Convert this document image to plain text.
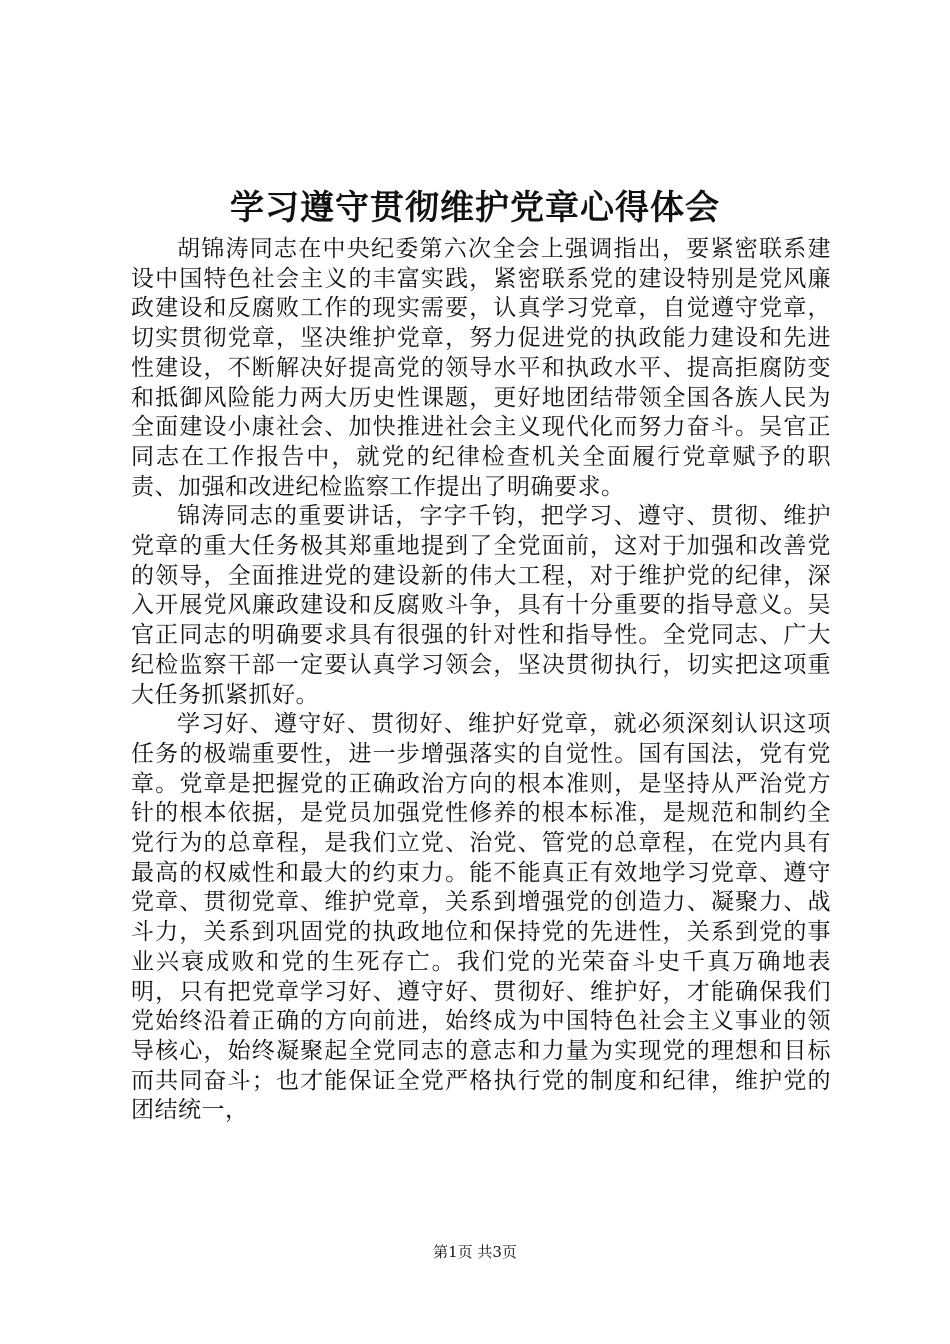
学习遵守贯彻维护党章心得体会

胡锦涛同志在中央纪委第六次全会上强调指出，要紧密联系建设中国特色社会主义的丰富实践，紧密联系党的建设特别是党风廉政建设和反腐败工作的现实需要，认真学习党章，自觉遵守党章，切实贯彻党章，坚决维护党章，努力促进党的执政能力建设和先进性建设，不断解决好提高党的领导水平和执政水平、提高拒腐防变和抵御风险能力两大历史性课题，更好地团结带领全国各族人民为全面建设小康社会、加快推进社会主义现代化而努力奋斗。吴官正同志在工作报告中，就党的纪律检查机关全面履行党章赋予的职责、加强和改进纪检监察工作提出了明确要求。

锦涛同志的重要讲话，字字千钧，把学习、遵守、贯彻、维护党章的重大任务极其郑重地提到了全党面前，这对于加强和改善党的领导，全面推进党的建设新的伟大工程，对于维护党的纪律，深入开展党风廉政建设和反腐败斗争，具有十分重要的指导意义。吴官正同志的明确要求具有很强的针对性和指导性。全党同志、广大纪检监察干部一定要认真学习领会，坚决贯彻执行，切实把这项重大任务抓紧抓好。

学习好、遵守好、贯彻好、维护好党章，就必须深刻认识这项任务的极端重要性，进一步增强落实的自觉性。国有国法，党有党章。党章是把握党的正确政治方向的根本准则，是坚持从严治党方针的根本依据，是党员加强党性修养的根本标准，是规范和制约全党行为的总章程，是我们立党、治党、管党的总章程，在党内具有最高的权威性和最大的约束力。能不能真正有效地学习党章、遵守党章、贯彻党章、维护党章，关系到增强党的创造力、凝聚力、战斗力，关系到巩固党的执政地位和保持党的先进性，关系到党的事业兴衰成败和党的生死存亡。我们党的光荣奋斗史千真万确地表明，只有把党章学习好、遵守好、贯彻好、维护好，才能确保我们党始终沿着正确的方向前进，始终成为中国特色社会主义事业的领导核心，始终凝聚起全党同志的意志和力量为实现党的理想和目标而共同奋斗；也才能保证全党严格执行党的制度和纪律，维护党的团结统一，

第1页 共3页
